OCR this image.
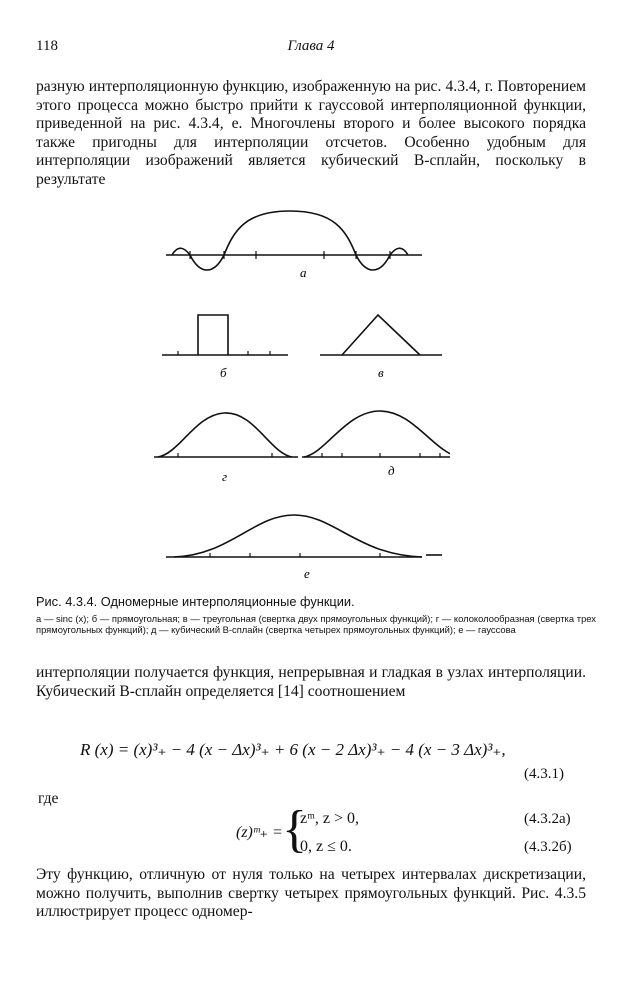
118	Глава 4
разную интерполяционную функцию, изображенную на рис. 4.3.4, г. Повторением этого процесса можно быстро прийти к гауссовой интерполяционной функции, приведенной на рис. 4.3.4, е. Многочлены второго и более высокого порядка также пригодны для интерполяции отсчетов. Особенно удобным для интерполяции изображений является кубический B-сплайн, поскольку в результате
а
б	в
г	д
е
Рис. 4.3.4. Одномерные интерполяционные функции.
а — sinc (x); б — прямоугольная; в — треугольная (свертка двух прямоугольных функций); г — колоколообразная (свертка трех прямоугольных функций); д — кубический B-сплайн (свертка четырех прямоугольных функций); е — гауссова
интерполяции получается функция, непрерывная и гладкая в узлах интерполяции. Кубический B-сплайн определяется [14] соотношением
R (x) = (x)³₊ − 4 (x − Δx)³₊ + 6 (x − 2 Δx)³₊ − 4 (x − 3 Δx)³₊,
(4.3.1)
где
(z)ᵐ₊ = {
zᵐ, z > 0,
0, z ≤ 0.
(4.3.2а)
(4.3.2б)
Эту функцию, отличную от нуля только на четырех интервалах дискретизации, можно получить, выполнив свертку четырех прямоугольных функций. Рис. 4.3.5 иллюстрирует процесс одномер-
